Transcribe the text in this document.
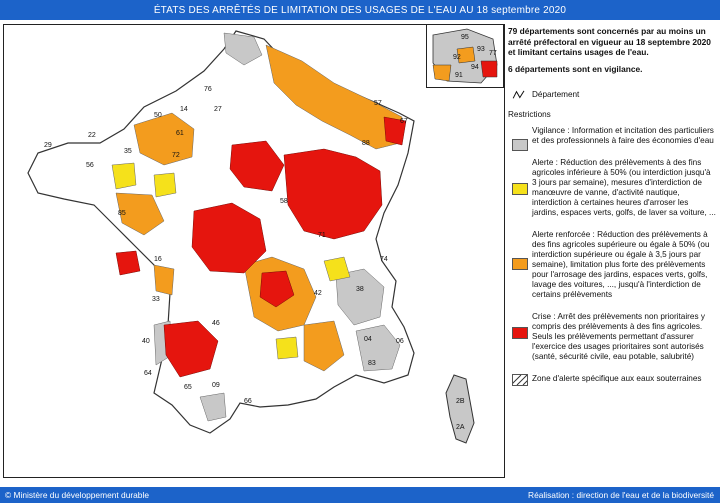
ÉTATS DES ARRÊTÉS DE LIMITATION DES USAGES DE L'EAU AU 18 septembre 2020
76
22
29
56
35
50
61
14	27
72
85
16
33
40
64
65	09
66
46
06
04
83
2B
2A
38
74
42
71
58
57
67
88
95
93
92
94
91
77
79 départements sont concernés par au moins un arrêté préfectoral en vigueur au 18 septembre 2020 et limitant certains usages de l'eau.
6 départements sont en vigilance.
Département
Restrictions
Vigilance : Information et incitation des particuliers et des professionnels à faire des économies d'eau
Alerte : Réduction des prélèvements à des fins agricoles inférieure à 50% (ou interdiction jusqu'à 3 jours par semaine), mesures d'interdiction de manœuvre de vanne, d'activité nautique, interdiction à certaines heures d'arroser les jardins, espaces verts, golfs, de laver sa voiture, ...
Alerte renforcée : Réduction des prélèvements à des fins agricoles supérieure ou égale à 50% (ou interdiction supérieure ou égale à 3,5 jours par semaine), limitation plus forte des prélèvements pour l'arrosage des jardins, espaces verts, golfs, lavage des voitures, ..., jusqu'à l'interdiction de certains prélèvements
Crise : Arrêt des prélèvements non prioritaires y compris des prélèvements à des fins agricoles. Seuls les prélèvements permettant d'assurer l'exercice des usages prioritaires sont autorisés (santé, sécurité civile, eau potable, salubrité)
Zone d'alerte spécifique aux eaux souterraines
© Ministère du développement durable	Réalisation : direction de l'eau et de la biodiversité
